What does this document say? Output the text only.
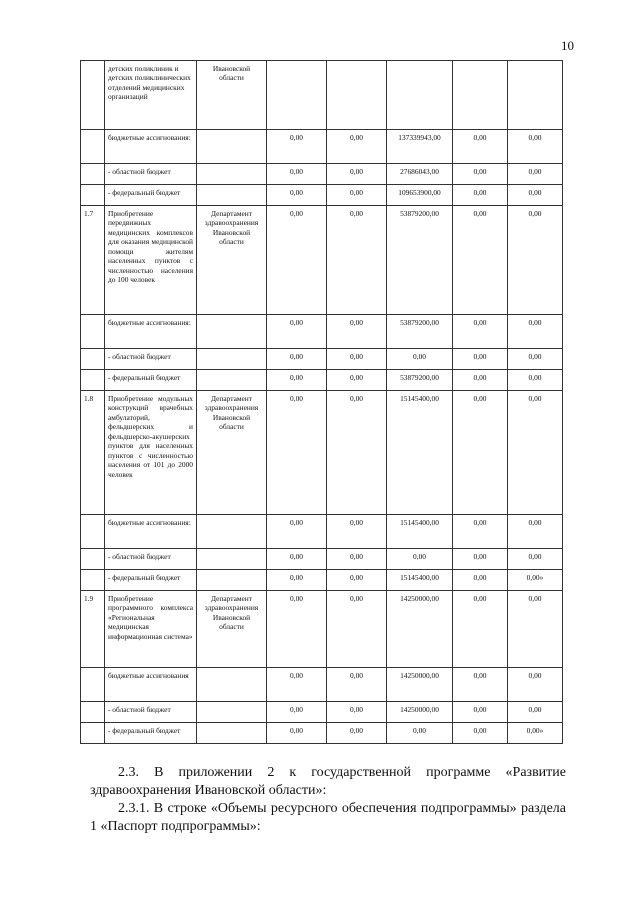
10
	детских поликлиник и детских поликлинических отделений медицинских организаций	Ивановской области					
	бюджетные ассигнования:		0,00	0,00	137339943,00	0,00	0,00
	- областной бюджет		0,00	0,00	27686043,00	0,00	0,00
	- федеральный бюджет		0,00	0,00	109653900,00	0,00	0,00
1.7	Приобретение передвижных медицинских комплексов для оказания медицинской помощи жителям населенных пунктов с численностью населения до 100 человек	Департамент здравоохранения Ивановской области	0,00	0,00	53879200,00	0,00	0,00
	бюджетные ассигнования:		0,00	0,00	53879200,00	0,00	0,00
	- областной бюджет		0,00	0,00	0,00	0,00	0,00
	- федеральный бюджет		0,00	0,00	53879200,00	0,00	0,00
1.8	Приобретение модульных конструкций врачебных амбулаторий, фельдшерских и фельдшерско-акушерских пунктов для населенных пунктов с численностью населения от 101 до 2000 человек	Департамент здравоохранения Ивановской области	0,00	0,00	15145400,00	0,00	0,00
	бюджетные ассигнования:		0,00	0,00	15145400,00	0,00	0,00
	- областной бюджет		0,00	0,00	0,00	0,00	0,00
	- федеральный бюджет		0,00	0,00	15145400,00	0,00	0,00»
1.9	Приобретение программного комплекса «Региональная медицинская информационная система»	Департамент здравоохранения Ивановской области	0,00	0,00	14250000,00	0,00	0,00
	бюджетные ассигнования		0,00	0,00	14250000,00	0,00	0,00
	- областной бюджет		0,00	0,00	14250000,00	0,00	0,00
	- федеральный бюджет		0,00	0,00	0,00	0,00	0,00»

2.3. В приложении 2 к государственной программе «Развитие здравоохранения Ивановской области»:

2.3.1. В строке «Объемы ресурсного обеспечения подпрограммы» раздела 1 «Паспорт подпрограммы»:
